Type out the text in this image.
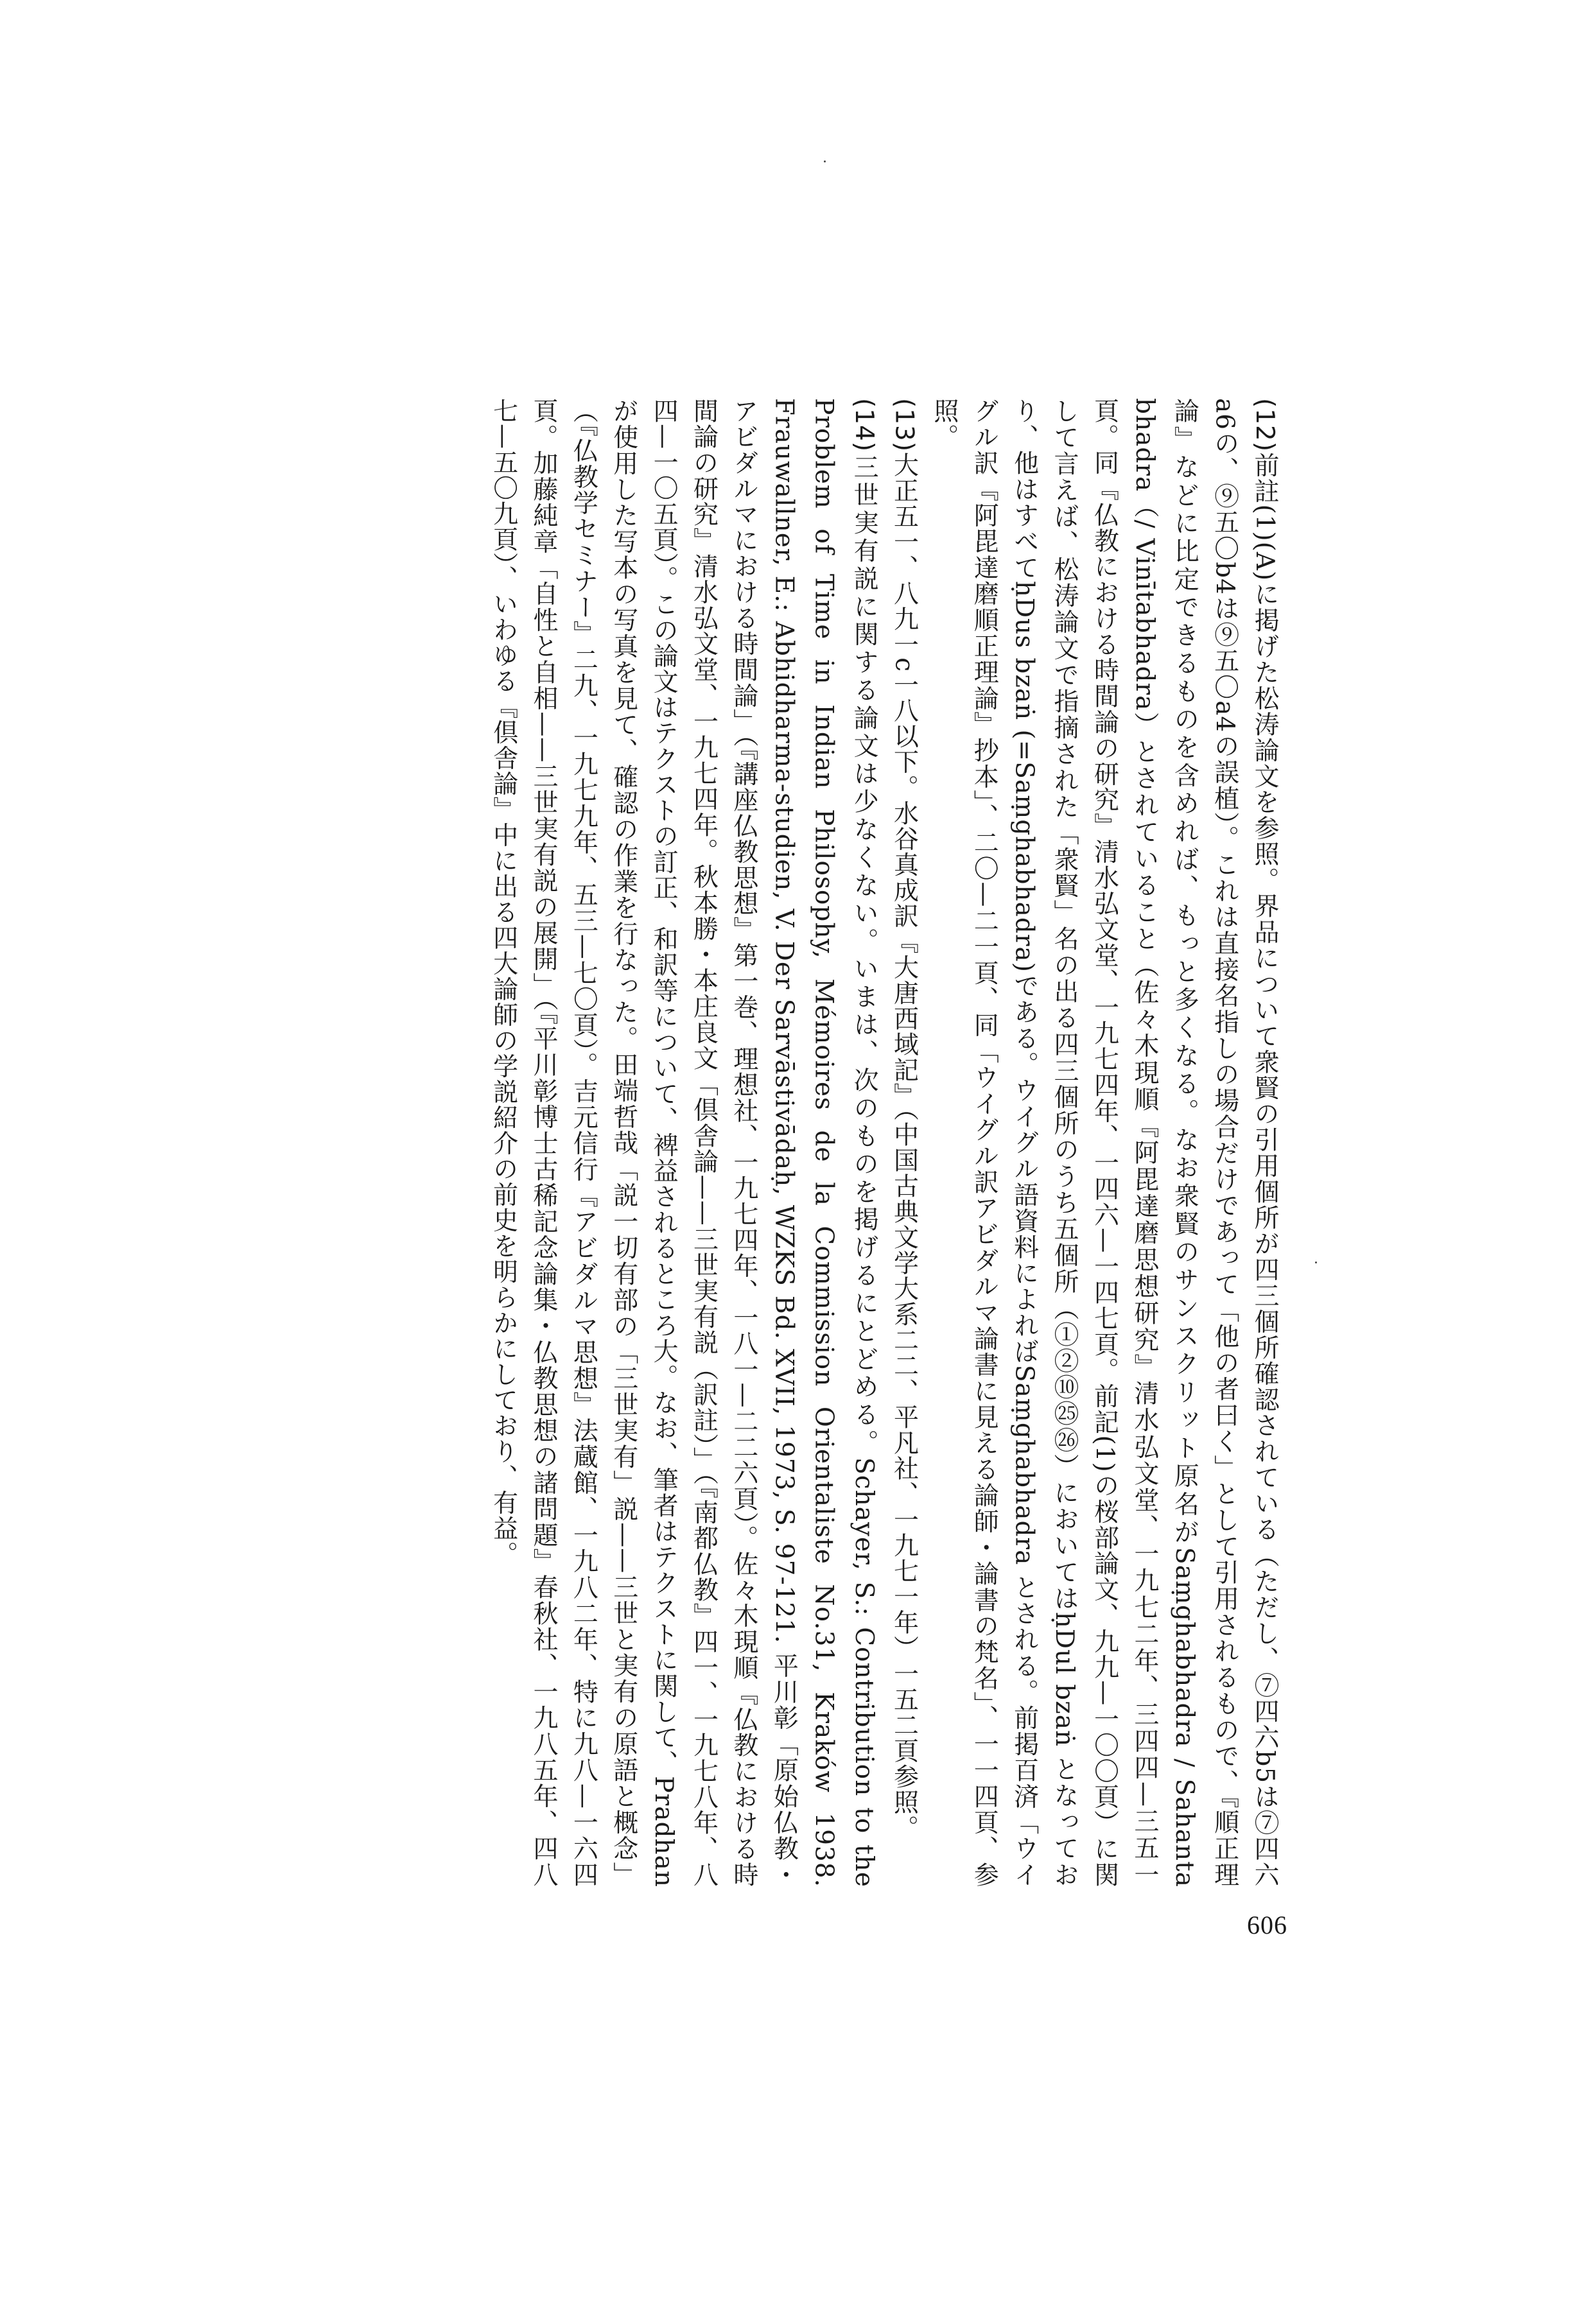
(12)前註(1)(A)に掲げた松涛論文を参照。界品について衆賢の引用個所が四三個所確認されている（ただし、⑦四六b5は⑦四六a6の、⑨五〇b4は⑨五〇a4の誤植）。これは直接名指しの場合だけであって「他の者曰く」として引用されるもので、『順正理論』などに比定できるものを含めれば、もっと多くなる。なお衆賢のサンスクリット原名がSaṃghabhadra / Sahanta bhadra（/ Vinītabhadra）とされていること（佐々木現順『阿毘達磨思想研究』清水弘文堂、一九七二年、三四四—三五一頁。同『仏教における時間論の研究』清水弘文堂、一九七四年、一四六—一四七頁。前記(1)の桜部論文、九九—一〇〇頁）に関して言えば、松涛論文で指摘された「衆賢」名の出る四三個所のうち五個所（①②⑩㉕㉖）においてはḥDul bzaṅ となっており、他はすべてḥDus bzaṅ (=Saṃghabhadra)である。ウイグル語資料によればSaṃghabhadra とされる。前掲百済「ウイグル訳『阿毘達磨順正理論』抄本」、二〇—二一頁、同「ウイグル訳アビダルマ論書に見える論師・論書の梵名」、一一四頁、参照。

(13)大正五一、八九一c一八以下。水谷真成訳『大唐西域記』（中国古典文学大系二二、平凡社、一九七一年）一五二頁参照。

(14)三世実有説に関する論文は少なくない。いまは、次のものを掲げるにとどめる。Schayer, S.: Contribution to the Problem of Time in Indian Philosophy, Mémoires de la Commission Orientaliste No.31, Kraków 1938. Frauwallner, E.: Abhidharma-studien, V. Der Sarvāstivādaḥ, WZKS Bd. XVII, 1973, S. 97-121. 平川彰「原始仏教・アビダルマにおける時間論」（『講座仏教思想』第一巻、理想社、一九七四年、一八一—二二六頁）。佐々木現順『仏教における時間論の研究』清水弘文堂、一九七四年。秋本勝・本庄良文「倶舎論——三世実有説（訳註）」（『南都仏教』四一、一九七八年、八四—一〇五頁）。この論文はテクストの訂正、和訳等について、裨益されるところ大。なお、筆者はテクストに関して、Pradhan が使用した写本の写真を見て、確認の作業を行なった。田端哲哉「説一切有部の「三世実有」説——三世と実有の原語と概念」（『仏教学セミナー』二九、一九七九年、五三—七〇頁）。吉元信行『アビダルマ思想』法蔵館、一九八二年、特に九八—一六四頁。加藤純章「自性と自相——三世実有説の展開」（『平川彰博士古稀記念論集・仏教思想の諸問題』春秋社、一九八五年、四八七—五〇九頁）、いわゆる『倶舎論』中に出る四大論師の学説紹介の前史を明らかにしており、有益。

606
